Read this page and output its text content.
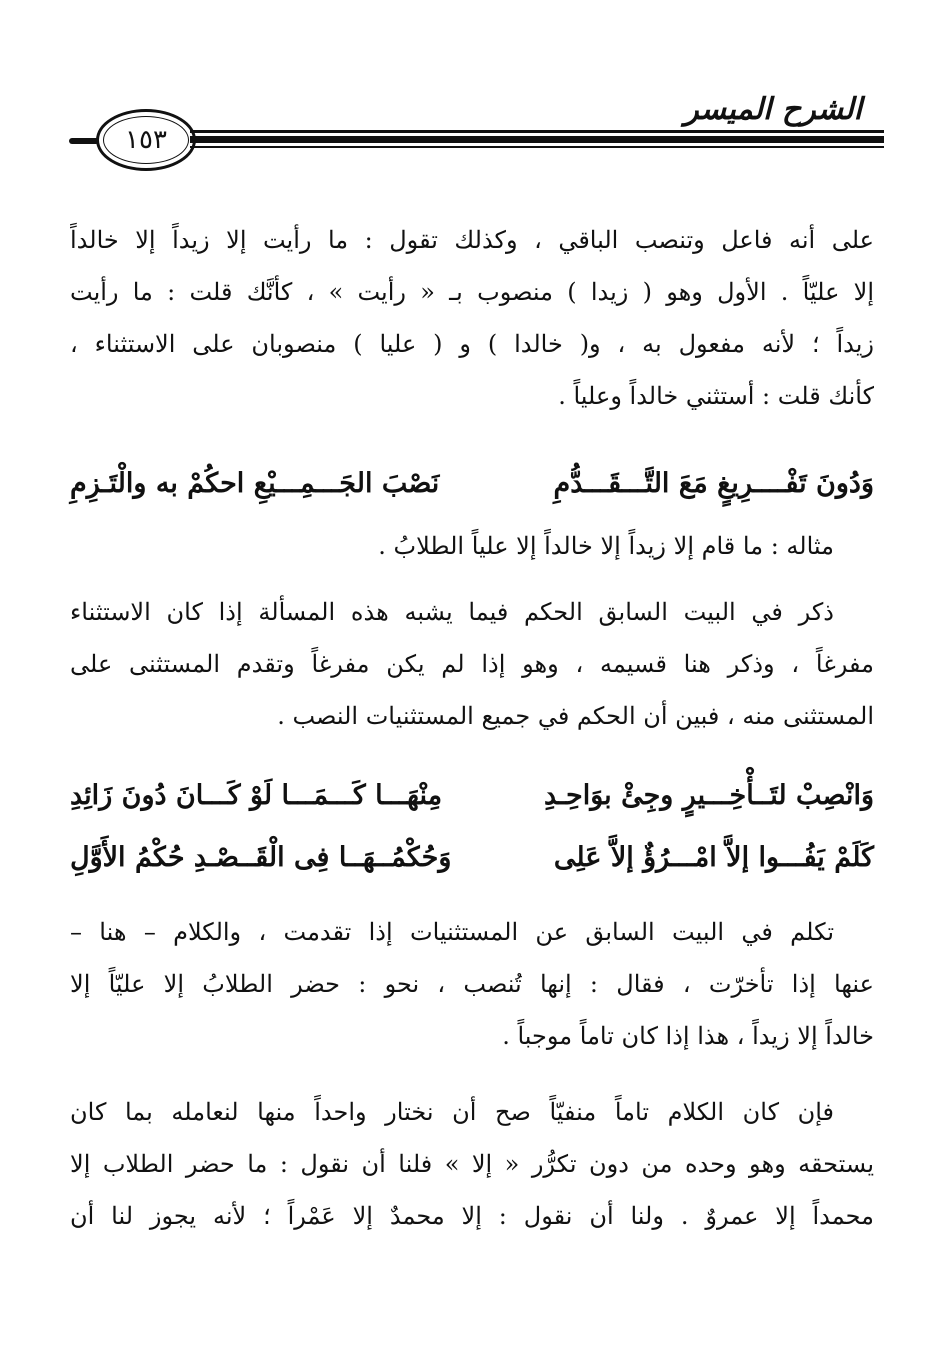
الشرح الميسر
١٥٣
على أنه فاعل وتنصب الباقي ، وكذلك تقول : ما رأيت إلا زيداً إلا خالداً
إلا عليّاً . الأول وهو ( زيدا ) منصوب بـ « رأيت » ، كأنَّك قلت : ما رأيت
زيداً ؛ لأنه مفعول به ، و( خالدا ) و ( عليا ) منصوبان على الاستثناء ،
كأنك قلت : أستثني خالداً وعلياً .
وَدُونَ تَفْــــرِيغٍ مَعَ التَّـــقَـــدُّمِ
نَصْبَ الجَـــمِـــيْعِ احكُمْ به والْتَـزِمِ
مثاله : ما قام إلا زيداً إلا خالداً إلا علياً الطلابُ .
ذكر في البيت السابق الحكم فيما يشبه هذه المسألة إذا كان الاستثناء
مفرغاً ، وذكر هنا قسيمه ، وهو إذا لم يكن مفرغاً وتقدم المستثنى على
المستثنى منه ، فبين أن الحكم في جميع المستثنيات النصب .
وَانْصِبْ لتَــأْخِـــيرٍ وجِئْ بوَاحِـدِ
مِنْهَـــا كَـــمَـــا لَوْ كَـــانَ دُونَ زَائِدِ
كَلَمْ يَفُـــوا إلاَّ امْـــرُؤٌ إلاَّ عَلِى
وَحُكْمُــهَــا فِى الْقَــصْـدِ حُكْمُ الأَوَّلِ
تكلم في البيت السابق عن المستثنيات إذا تقدمت ، والكلام – هنا –
عنها إذا تأخرّت ، فقال : إنها تُنصب ، نحو : حضر الطلابُ إلا عليّاً إلا
خالداً إلا زيداً ، هذا إذا كان تاماً موجباً .
فإن كان الكلام تاماً منفيّاً صح أن نختار واحداً منها لنعامله بما كان
يستحقه وهو وحده من دون تكرُّر « إلا » فلنا أن نقول : ما حضر الطلاب إلا
محمداً إلا عمروٌ . ولنا أن نقول : إلا محمدٌ إلا عَمْراً ؛ لأنه يجوز لنا أن
